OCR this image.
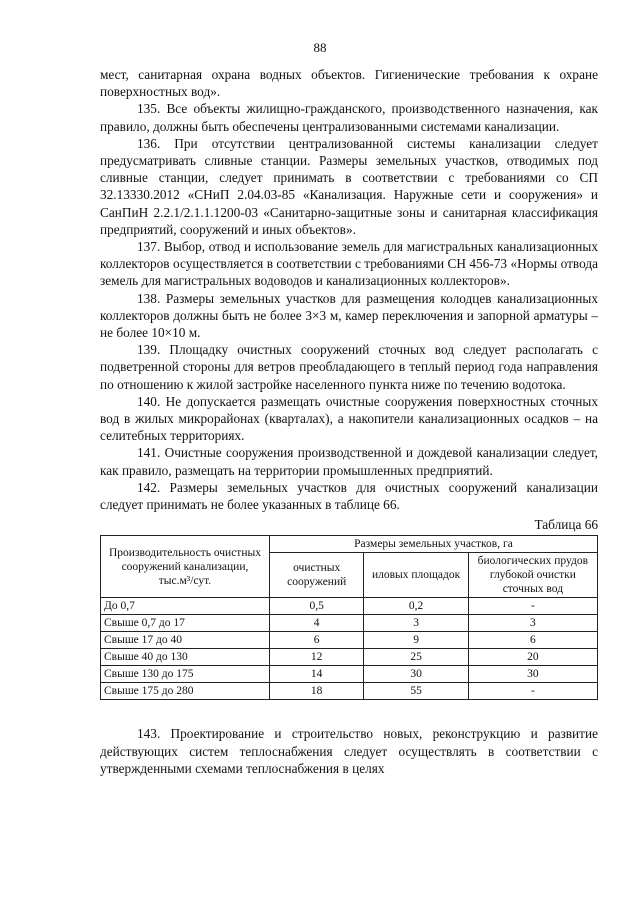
88

мест, санитарная охрана водных объектов. Гигиенические требования к охране поверхностных вод».

135. Все объекты жилищно-гражданского, производственного назначения, как правило, должны быть обеспечены централизованными системами канализации.

136. При отсутствии централизованной системы канализации следует предусматривать сливные станции. Размеры земельных участков, отводимых под сливные станции, следует принимать в соответствии с требованиями со СП 32.13330.2012 «СНиП 2.04.03-85 «Канализация. Наружные сети и сооружения» и СанПиН 2.2.1/2.1.1.1200-03 «Санитарно-защитные зоны и санитарная классификация предприятий, сооружений и иных объектов».

137. Выбор, отвод и использование земель для магистральных канализационных коллекторов осуществляется в соответствии с требованиями СН 456-73 «Нормы отвода земель для магистральных водоводов и канализационных коллекторов».

138. Размеры земельных участков для размещения колодцев канализационных коллекторов должны быть не более 3×3 м, камер переключения и запорной арматуры – не более 10×10 м.

139. Площадку очистных сооружений сточных вод следует располагать с подветренной стороны для ветров преобладающего в теплый период года направления по отношению к жилой застройке населенного пункта ниже по течению водотока.

140. Не допускается размещать очистные сооружения поверхностных сточных вод в жилых микрорайонах (кварталах), а накопители канализационных осадков – на селитебных территориях.

141. Очистные сооружения производственной и дождевой канализации следует, как правило, размещать на территории промышленных предприятий.

142. Размеры земельных участков для очистных сооружений канализации следует принимать не более указанных в таблице 66.

Таблица 66
Производительность очистных сооружений канализации, тыс.м³/сут.	Размеры земельных участков, га		
	очистных сооружений	иловых площадок	биологических прудов глубокой очистки сточных вод
До 0,7	0,5	0,2	-
Свыше 0,7 до 17	4	3	3
Свыше 17 до 40	6	9	6
Свыше 40 до 130	12	25	20
Свыше 130 до 175	14	30	30
Свыше 175 до 280	18	55	-

143. Проектирование и строительство новых, реконструкцию и развитие действующих систем теплоснабжения следует осуществлять в соответствии с утвержденными схемами теплоснабжения в целях
